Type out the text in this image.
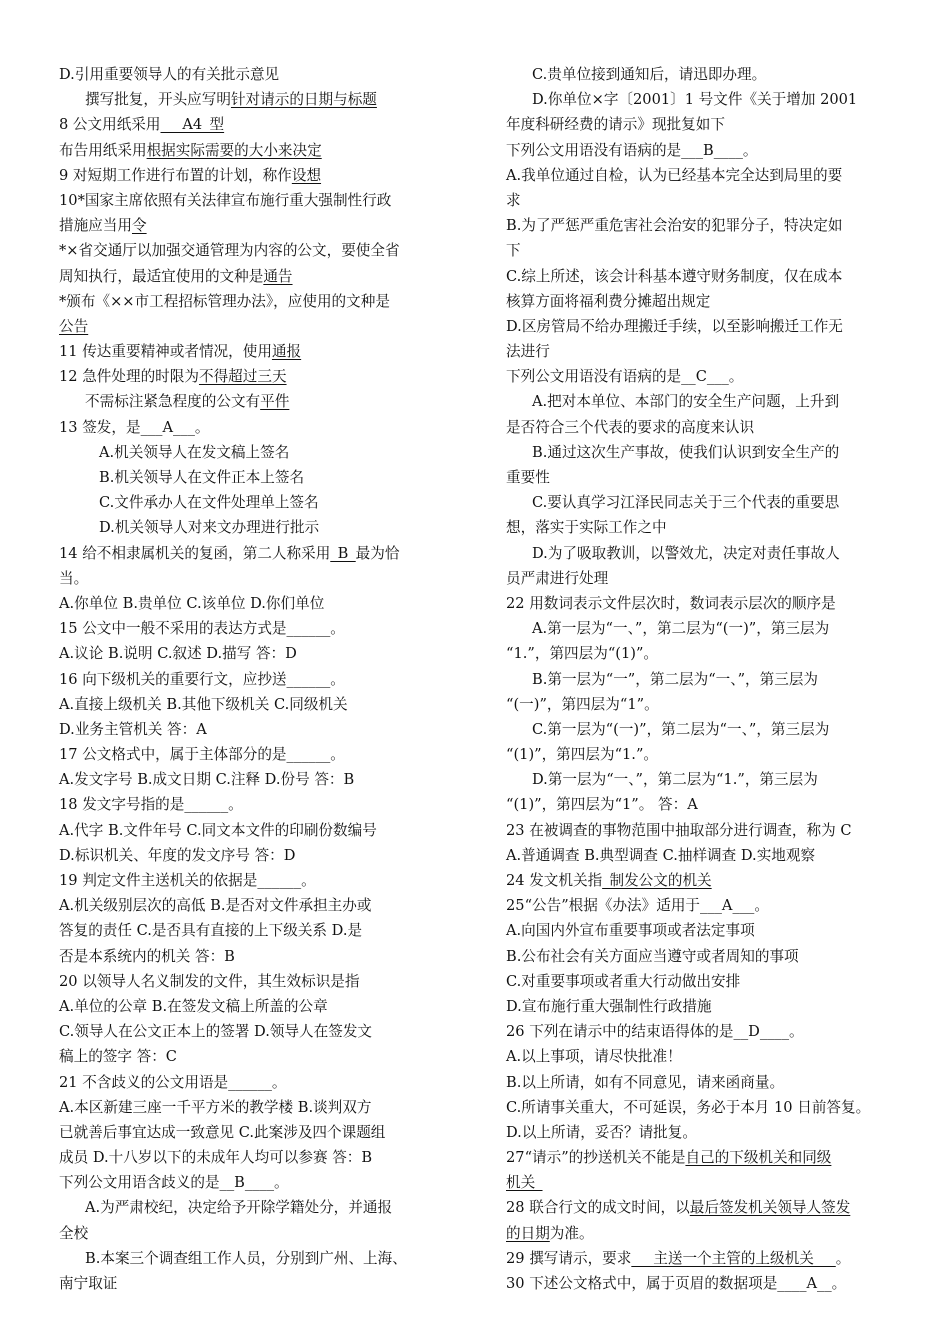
D.引用重要领导人的有关批示意见
撰写批复，开头应写明针对请示的日期与标题
8 公文用纸采用___A4_型
布告用纸采用根据实际需要的大小来决定
9 对短期工作进行布置的计划，称作设想
10*国家主席依照有关法律宣布施行重大强制性行政
措施应当用令
*×省交通厅以加强交通管理为内容的公文，要使全省
周知执行，最适宜使用的文种是通告
*颁布《××市工程招标管理办法》，应使用的文种是
公告
11 传达重要精神或者情况，使用通报
12 急件处理的时限为不得超过三天
不需标注紧急程度的公文有平件
13 签发，是___A___。
A.机关领导人在发文稿上签名
B.机关领导人在文件正本上签名
C.文件承办人在文件处理单上签名
D.机关领导人对来文办理进行批示
14 给不相隶属机关的复函，第二人称采用_B_最为恰
当。
A.你单位 B.贵单位 C.该单位 D.你们单位
15 公文中一般不采用的表达方式是______。
A.议论 B.说明 C.叙述 D.描写 答：D
16 向下级机关的重要行文，应抄送______。
A.直接上级机关 B.其他下级机关 C.同级机关
D.业务主管机关 答：A
17 公文格式中，属于主体部分的是______。
A.发文字号 B.成文日期 C.注释 D.份号 答：B
18 发文字号指的是______。
A.代字 B.文件年号 C.同文本文件的印刷份数编号
D.标识机关、年度的发文序号 答：D
19 判定文件主送机关的依据是______。
A.机关级别层次的高低 B.是否对文件承担主办或
答复的责任 C.是否具有直接的上下级关系 D.是
否是本系统内的机关 答：B
20 以领导人名义制发的文件，其生效标识是指
A.单位的公章 B.在签发文稿上所盖的公章
C.领导人在公文正本上的签署 D.领导人在签发文
稿上的签字 答：C
21 不含歧义的公文用语是______。
A.本区新建三座一千平方米的教学楼 B.谈判双方
已就善后事宜达成一致意见 C.此案涉及四个课题组
成员 D.十八岁以下的未成年人均可以参赛 答：B
下列公文用语含歧义的是__B____。
A.为严肃校纪，决定给予开除学籍处分，并通报
全校
B.本案三个调查组工作人员，分别到广州、上海、
南宁取证
C.贵单位接到通知后，请迅即办理。
D.你单位×字〔2001〕1 号文件《关于增加 2001
年度科研经费的请示》现批复如下
下列公文用语没有语病的是___B____。
A.我单位通过自检，认为已经基本完全达到局里的要
求
B.为了严惩严重危害社会治安的犯罪分子，特决定如
下
C.综上所述，该会计科基本遵守财务制度，仅在成本
核算方面将福利费分摊超出规定
D.区房管局不给办理搬迁手续，以至影响搬迁工作无
法进行
下列公文用语没有语病的是__C___。
A.把对本单位、本部门的安全生产问题，上升到
是否符合三个代表的要求的高度来认识
B.通过这次生产事故，使我们认识到安全生产的
重要性
C.要认真学习江泽民同志关于三个代表的重要思
想，落实于实际工作之中
D.为了吸取教训，以警效尤，决定对责任事故人
员严肃进行处理
22 用数词表示文件层次时，数词表示层次的顺序是
A.第一层为“一、”，第二层为“(一)”，第三层为
“1.”，第四层为“(1)”。
B.第一层为“一”，第二层为“一、”，第三层为
“(一)”，第四层为“1”。
C.第一层为“(一)”，第二层为“一、”，第三层为
“(1)”，第四层为“1.”。
D.第一层为“一、”，第二层为“1.”，第三层为
“(1)”，第四层为“1”。 答：A
23 在被调查的事物范围中抽取部分进行调查，称为 C
A.普通调查 B.典型调查 C.抽样调查 D.实地观察
24 发文机关指_制发公文的机关
25“公告”根据《办法》适用于___A___。
A.向国内外宣布重要事项或者法定事项
B.公布社会有关方面应当遵守或者周知的事项
C.对重要事项或者重大行动做出安排
D.宣布施行重大强制性行政措施
26 下列在请示中的结束语得体的是__D____。
A.以上事项，请尽快批准！
B.以上所请，如有不同意见，请来函商量。
C.所请事关重大，不可延误，务必于本月 10 日前答复。
D.以上所请，妥否？请批复。
27“请示”的抄送机关不能是自己的下级机关和同级
机关_
28 联合行文的成文时间，以最后签发机关领导人签发
的日期为准。
29 撰写请示，要求___主送一个主管的上级机关___。
30 下述公文格式中，属于页眉的数据项是____A__。
